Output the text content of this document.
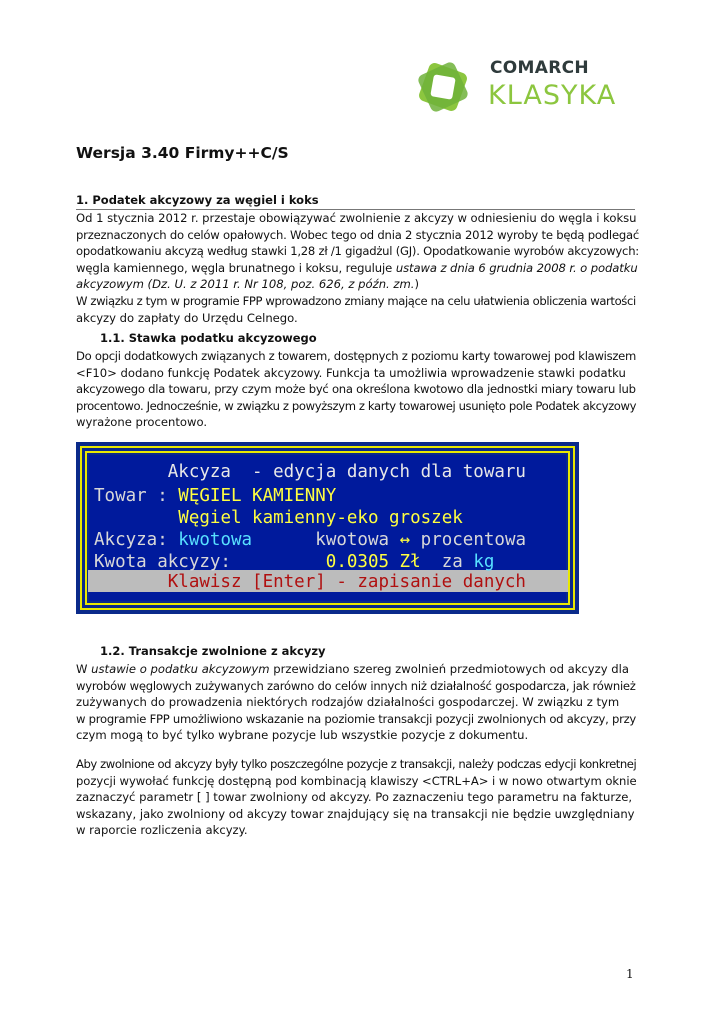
COMARCH
KLASYKA
Wersja 3.40 Firmy++C/S
1. Podatek akcyzowy za węgiel i koks
Od 1 stycznia 2012 r. przestaje obowiązywać zwolnienie z akcyzy w odniesieniu do węgla i koksu
przeznaczonych do celów opałowych. Wobec tego od dnia 2 stycznia 2012 wyroby te będą podlegać
opodatkowaniu akcyzą według stawki 1,28 zł /1 gigadżul (GJ). Opodatkowanie wyrobów akcyzowych:
węgla kamiennego, węgla brunatnego i koksu, reguluje ustawa z dnia 6 grudnia 2008 r. o podatku
akcyzowym (Dz. U. z 2011 r. Nr 108, poz. 626, z późn. zm.)
W związku z tym w programie FPP wprowadzono zmiany mające na celu ułatwienia obliczenia wartości
akcyzy do zapłaty do Urzędu Celnego.
1.1. Stawka podatku akcyzowego
Do opcji dodatkowych związanych z towarem, dostępnych z poziomu karty towarowej pod klawiszem
<F10> dodano funkcję Podatek akcyzowy. Funkcja ta umożliwia wprowadzenie stawki podatku
akcyzowego dla towaru, przy czym może być ona określona kwotowo dla jednostki miary towaru lub
procentowo. Jednocześnie, w związku z powyższym z karty towarowej usunięto pole Podatek akcyzowy
wyrażone procentowo.
Akcyza  - edycja danych dla towaru
Towar : WĘGIEL KAMIENNY
Węgiel kamienny-eko groszek
Akcyza: kwotowa      kwotowa ↔ procentowa
Kwota akcyzy:         0.0305 Zł  za kg
Klawisz [Enter] - zapisanie danych
1.2. Transakcje zwolnione z akcyzy
W ustawie o podatku akcyzowym przewidziano szereg zwolnień przedmiotowych od akcyzy dla
wyrobów węglowych zużywanych zarówno do celów innych niż działalność gospodarcza, jak również
zużywanych do prowadzenia niektórych rodzajów działalności gospodarczej. W związku z tym
w programie FPP umożliwiono wskazanie na poziomie transakcji pozycji zwolnionych od akcyzy, przy
czym mogą to być tylko wybrane pozycje lub wszystkie pozycje z dokumentu.
Aby zwolnione od akcyzy były tylko poszczególne pozycje z transakcji, należy podczas edycji konkretnej
pozycji wywołać funkcję dostępną pod kombinacją klawiszy <CTRL+A> i w nowo otwartym oknie
zaznaczyć parametr [ ] towar zwolniony od akcyzy. Po zaznaczeniu tego parametru na fakturze,
wskazany, jako zwolniony od akcyzy towar znajdujący się na transakcji nie będzie uwzględniany
w raporcie rozliczenia akcyzy.
1
